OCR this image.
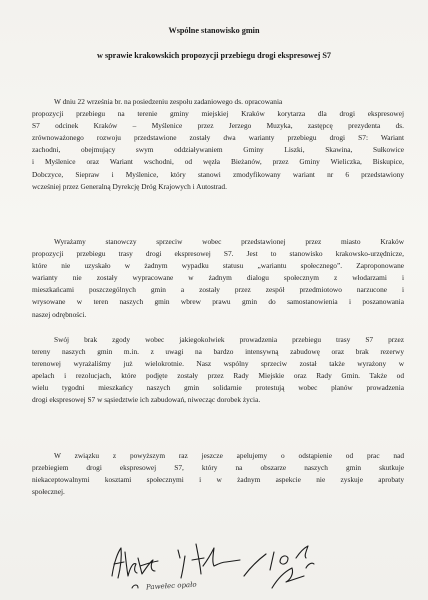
Wspólne stanowisko gmin
w sprawie krakowskich propozycji przebiegu drogi ekspresowej S7

W dniu 22 września br. na posiedzeniu zespołu zadaniowego ds. opracowania
propozycji przebiegu na terenie gminy miejskiej Kraków korytarza dla drogi ekspresowej
S7 odcinek Kraków – Myślenice przez Jerzego Muzyka, zastępcę prezydenta ds.
zrównoważonego rozwoju przedstawione zostały dwa warianty przebiegu drogi S7: Wariant
zachodni, obejmujący swym oddziaływaniem Gminy Liszki, Skawina, Sułkowice
i Myślenice oraz Wariant wschodni, od węzła Bieżanów, przez Gminy Wieliczka, Biskupice,
Dobczyce, Siepraw i Myślenice, który stanowi zmodyfikowany wariant nr 6 przedstawiony
wcześniej przez Generalną Dyrekcję Dróg Krajowych i Autostrad.

Wyrażamy stanowczy sprzeciw wobec przedstawionej przez miasto Kraków
propozycji przebiegu trasy drogi ekspresowej S7. Jest to stanowisko krakowsko-urzędnicze,
które nie uzyskało w żadnym wypadku statusu „wariantu społecznego”. Zaproponowane
warianty nie zostały wypracowane w żadnym dialogu społecznym z włodarzami i
mieszkańcami poszczególnych gmin a zostały przez zespół przedmiotowo narzucone i
wrysowane w teren naszych gmin wbrew prawu gmin do samostanowienia i poszanowania
naszej odrębności.

Swój brak zgody wobec jakiegokolwiek prowadzenia przebiegu trasy S7 przez
tereny naszych gmin m.in. z uwagi na bardzo intensywną zabudowę oraz brak rezerwy
terenowej wyrażaliśmy już wielokrotnie. Nasz wspólny sprzeciw został także wyrażony w
apelach i rezolucjach, które podjęte zostały przez Rady Miejskie oraz Rady Gmin. Także od
wielu tygodni mieszkańcy naszych gmin solidarnie protestują wobec planów prowadzenia
drogi ekspresowej S7 w sąsiedztwie ich zabudowań, niwecząc dorobek życia.

W związku z powyższym raz jeszcze apelujemy o odstąpienie od prac nad
przebiegiem drogi ekspresowej S7, który na obszarze naszych gmin skutkuje
niekaceptowalnymi kosztami społecznymi i w żadnym aspekcie nie zyskuje aprobaty
społecznej.

Pawełec opało
